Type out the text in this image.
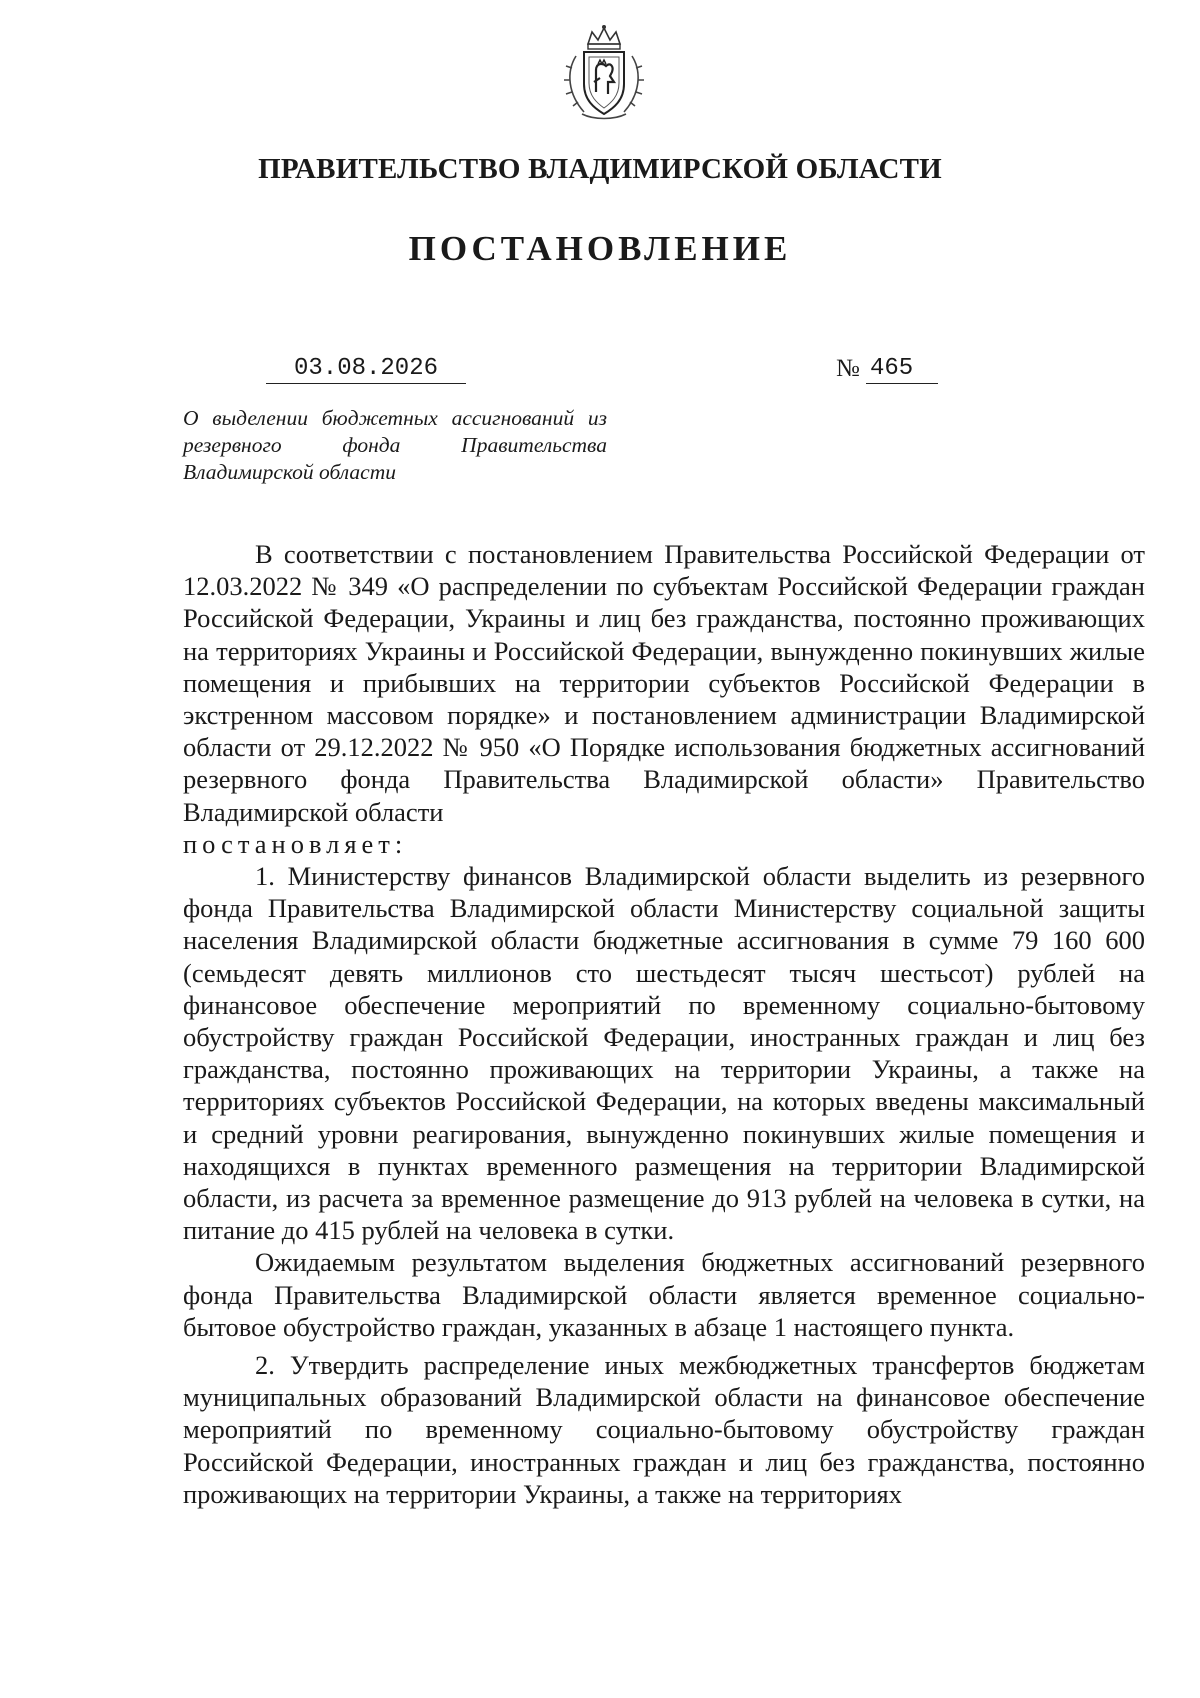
ПРАВИТЕЛЬСТВО ВЛАДИМИРСКОЙ ОБЛАСТИ
ПОСТАНОВЛЕНИЕ
03.08.2026	№ 465
О выделении бюджетных ассигнований из резервного фонда Правительства Владимирской области

В соответствии с постановлением Правительства Российской Федерации от 12.03.2022 № 349 «О распределении по субъектам Российской Федерации граждан Российской Федерации, Украины и лиц без гражданства, постоянно проживающих на территориях Украины и Российской Федерации, вынужденно покинувших жилые помещения и прибывших на территории субъектов Российской Федерации в экстренном массовом порядке» и постановлением администрации Владимирской области от 29.12.2022 № 950 «О Порядке использования бюджетных ассигнований резервного фонда Правительства Владимирской области» Правительство Владимирской области

постановляет:

1. Министерству финансов Владимирской области выделить из резервного фонда Правительства Владимирской области Министерству социальной защиты населения Владимирской области бюджетные ассигнования в сумме 79 160 600 (семьдесят девять миллионов сто шестьдесят тысяч шестьсот) рублей на финансовое обеспечение мероприятий по временному социально-бытовому обустройству граждан Российской Федерации, иностранных граждан и лиц без гражданства, постоянно проживающих на территории Украины, а также на территориях субъектов Российской Федерации, на которых введены максимальный и средний уровни реагирования, вынужденно покинувших жилые помещения и находящихся в пунктах временного размещения на территории Владимирской области, из расчета за временное размещение до 913 рублей на человека в сутки, на питание до 415 рублей на человека в сутки.

Ожидаемым результатом выделения бюджетных ассигнований резервного фонда Правительства Владимирской области является временное социально-бытовое обустройство граждан, указанных в абзаце 1 настоящего пункта.

2. Утвердить распределение иных межбюджетных трансфертов бюджетам муниципальных образований Владимирской области на финансовое обеспечение мероприятий по временному социально-бытовому обустройству граждан Российской Федерации, иностранных граждан и лиц без гражданства, постоянно проживающих на территории Украины, а также на территориях
